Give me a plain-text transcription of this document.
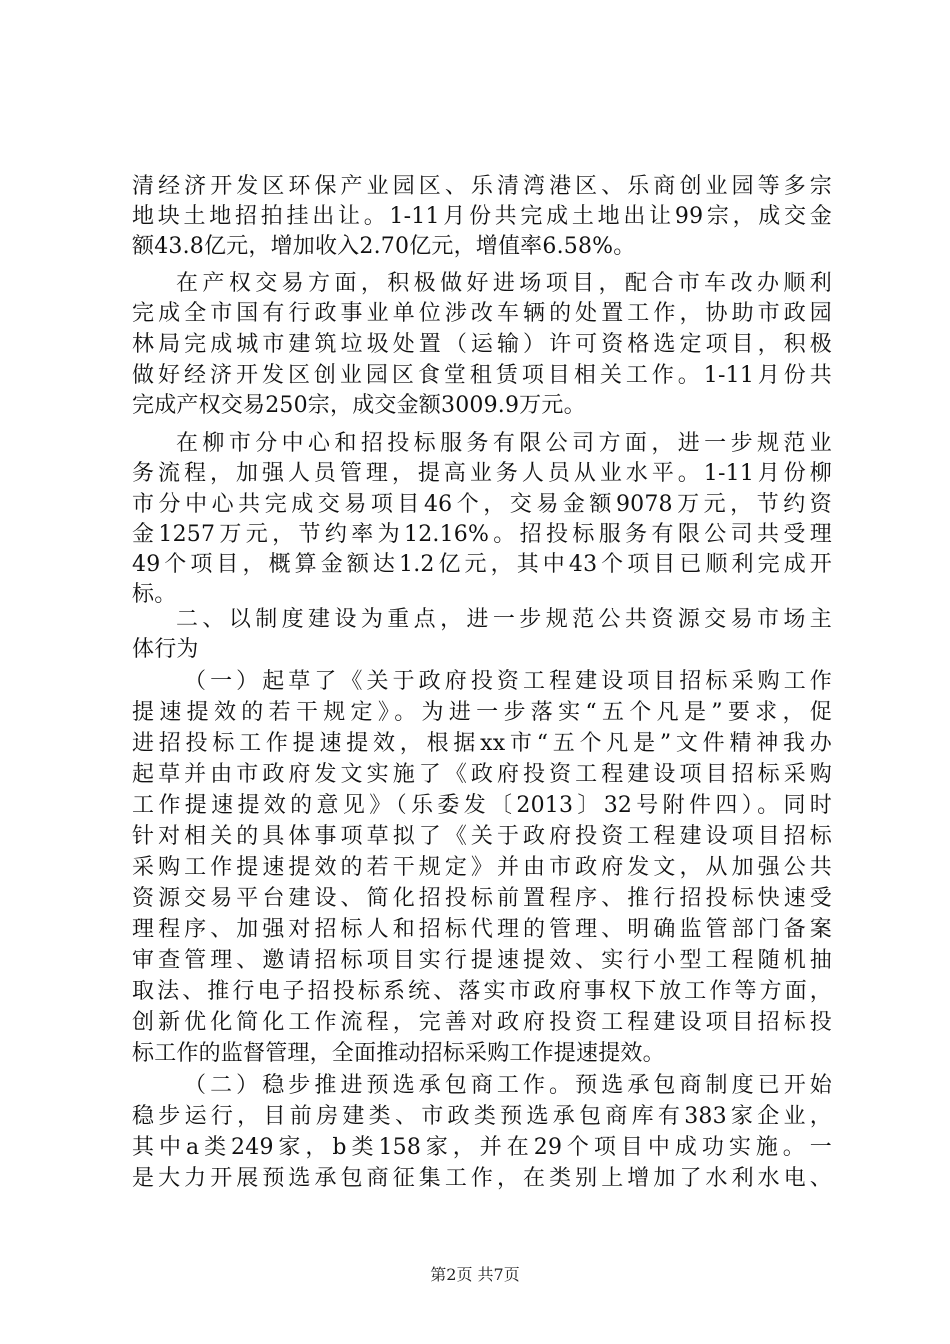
清经济开发区环保产业园区、乐清湾港区、乐商创业园等多宗
地块土地招拍挂出让。1-11月份共完成土地出让99宗，成交金
额43.8亿元，增加收入2.70亿元，增值率6.58%。
在产权交易方面，积极做好进场项目，配合市车改办顺利
完成全市国有行政事业单位涉改车辆的处置工作，协助市政园
林局完成城市建筑垃圾处置（运输）许可资格选定项目，积极
做好经济开发区创业园区食堂租赁项目相关工作。1-11月份共
完成产权交易250宗，成交金额3009.9万元。
在柳市分中心和招投标服务有限公司方面，进一步规范业
务流程，加强人员管理，提高业务人员从业水平。1-11月份柳
市分中心共完成交易项目46个，交易金额9078万元，节约资
金1257万元，节约率为12.16%。招投标服务有限公司共受理
49个项目，概算金额达1.2亿元，其中43个项目已顺利完成开
标。
二、以制度建设为重点，进一步规范公共资源交易市场主
体行为
（一）起草了《关于政府投资工程建设项目招标采购工作
提速提效的若干规定》。为进一步落实“五个凡是”要求，促
进招投标工作提速提效，根据xx市“五个凡是”文件精神我办
起草并由市政府发文实施了《政府投资工程建设项目招标采购
工作提速提效的意见》（乐委发〔2013〕32号附件四）。同时
针对相关的具体事项草拟了《关于政府投资工程建设项目招标
采购工作提速提效的若干规定》并由市政府发文，从加强公共
资源交易平台建设、简化招投标前置程序、推行招投标快速受
理程序、加强对招标人和招标代理的管理、明确监管部门备案
审查管理、邀请招标项目实行提速提效、实行小型工程随机抽
取法、推行电子招投标系统、落实市政府事权下放工作等方面，
创新优化简化工作流程，完善对政府投资工程建设项目招标投
标工作的监督管理，全面推动招标采购工作提速提效。
（二）稳步推进预选承包商工作。预选承包商制度已开始
稳步运行，目前房建类、市政类预选承包商库有383家企业，
其中a类249家，b类158家，并在29个项目中成功实施。一
是大力开展预选承包商征集工作，在类别上增加了水利水电、
第2页 共7页
